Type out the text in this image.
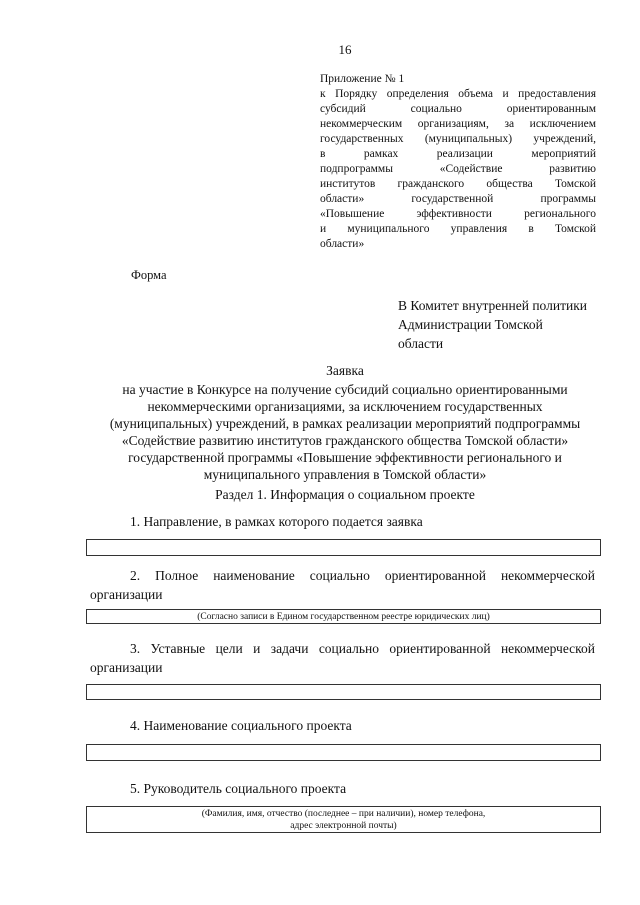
16
Приложение № 1
к Порядку определения объема и предоставления
субсидий социально ориентированным
некоммерческим организациям, за исключением
государственных (муниципальных) учреждений,
в рамках реализации мероприятий
подпрограммы «Содействие развитию
институтов гражданского общества Томской
области» государственной программы
«Повышение эффективности регионального
и муниципального управления в Томской
области»
Форма
В Комитет внутренней политики
Администрации Томской
области
Заявка
на участие в Конкурсе на получение субсидий социально ориентированными
некоммерческими организациями, за исключением государственных
(муниципальных) учреждений, в рамках реализации мероприятий подпрограммы
«Содействие развитию институтов гражданского общества Томской области»
государственной программы «Повышение эффективности регионального и
муниципального управления в Томской области»
Раздел 1. Информация о социальном проекте
1. Направление, в рамках которого подается заявка
2. Полное наименование социально ориентированной некоммерческой организации
(Согласно записи в Едином государственном реестре юридических лиц)
3. Уставные цели и задачи социально ориентированной некоммерческой организации
4. Наименование социального проекта
5. Руководитель социального проекта
(Фамилия, имя, отчество (последнее – при наличии), номер телефона,
адрес электронной почты)
